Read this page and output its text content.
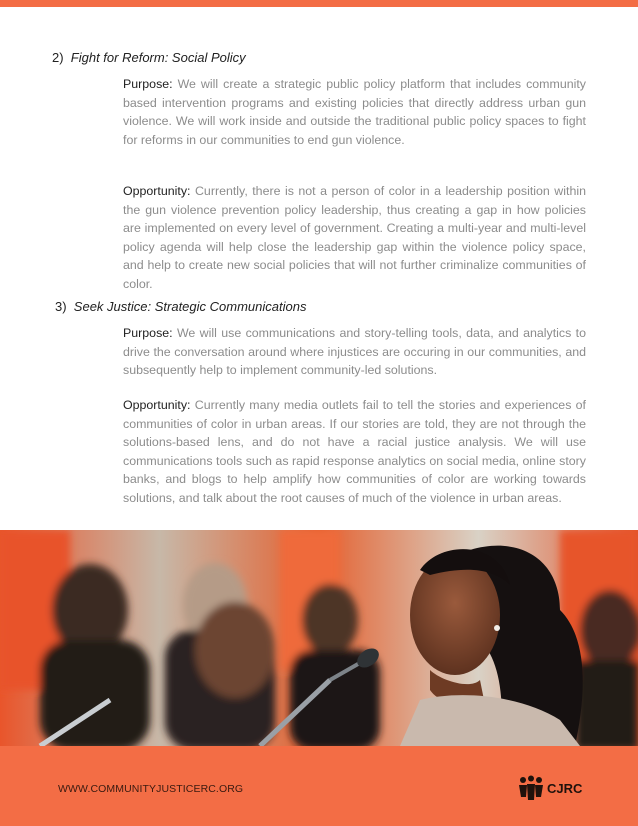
2) Fight for Reform: Social Policy

Purpose: We will create a strategic public policy platform that includes community based intervention programs and existing policies that directly address urban gun violence. We will work inside and outside the traditional public policy spaces to fight for reforms in our communities to end gun violence.

Opportunity: Currently, there is not a person of color in a leadership position within the gun violence prevention policy leadership, thus creating a gap in how policies are implemented on every level of government. Creating a multi-year and multi-level policy agenda will help close the leadership gap within the violence policy space, and help to create new social policies that will not further criminalize communities of color.

3) Seek Justice: Strategic Communications

Purpose: We will use communications and story-telling tools, data, and analytics to drive the conversation around where injustices are occuring in our communities, and subsequently help to implement community-led solutions.

Opportunity: Currently many media outlets fail to tell the stories and experiences of communities of color in urban areas. If our stories are told, they are not through the solutions-based lens, and do not have a racial justice analysis. We will use communications tools such as rapid response analytics on social media, online story banks, and blogs to help amplify how communities of color are working towards solutions, and talk about the root causes of much of the violence in urban areas.

WWW.COMMUNITYJUSTICERC.ORG	CJRC
